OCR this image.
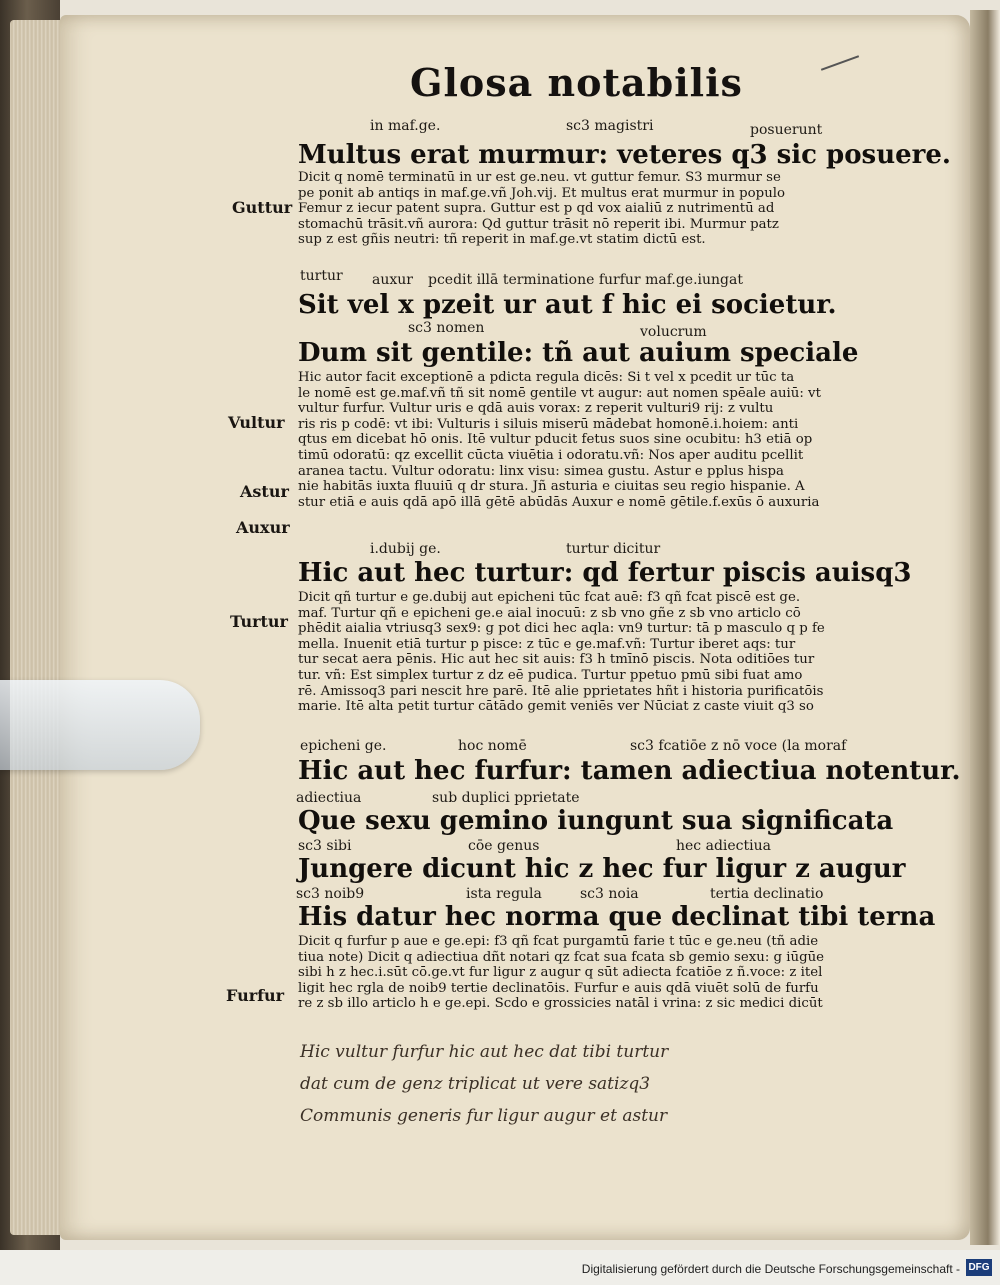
Glosa notabilis
in maf.ge.	sc3 magistri	posuerunt
Multus erat murmur: veteres q3 sic posuere.
Dicit q nomē terminatū in ur est ge.neu. vt guttur femur. S3 murmur se
pe ponit ab antiqs in maf.ge.vñ Joh.vij. Et multus erat murmur in populo
Femur z iecur patent supra. Guttur est p qd vox aialiū z nutrimentū ad
stomachū trāsit.vñ aurora: Qd guttur trāsit nō reperit ibi. Murmur patz
sup z est gñis neutri: tñ reperit in maf.ge.vt statim dictū est.
Guttur
turtur auxur pcedit illā terminatione furfur maf.ge.iungat
Sit vel x pzeit ur aut f hic ei societur.
sc3 nomen	volucrum
Dum sit gentile: tñ aut auium speciale
Hic autor facit exceptionē a pdicta regula dicēs: Si t vel x pcedit ur tūc ta
le nomē est ge.maf.vñ tñ sit nomē gentile vt augur: aut nomen spēale auiū: vt
vultur furfur. Vultur uris e qdā auis vorax: z reperit vulturi9 rij: z vultu
ris ris p codē: vt ibi: Vulturis i siluis miserū mādebat homonē.i.hoiem: anti
qtus em dicebat hō onis. Itē vultur pducit fetus suos sine ocubitu: h3 etiā op
timū odoratū: qz excellit cūcta viuētia i odoratu.vñ: Nos aper auditu pcellit
aranea tactu. Vultur odoratu: linx visu: simea gustu. Astur e pplus hispa
nie habitās iuxta fluuiū q dr stura. Jñ asturia e ciuitas seu regio hispanie. A
stur etiā e auis qdā apō illā gētē abūdās Auxur e nomē gētile.f.exūs ō auxuria
Vultur
Astur
Auxur
i.dubij ge.	turtur dicitur
Hic aut hec turtur: qd fertur piscis auisq3
Dicit qñ turtur e ge.dubij aut epicheni tūc fcat auē: f3 qñ fcat piscē est ge.
maf. Turtur qñ e epicheni ge.e aial inocuū: z sb vno gñe z sb vno articlo cō
phēdit aialia vtriusq3 sex9: g pot dici hec aqla: vn9 turtur: tā p masculo q p fe
mella. Inuenit etiā turtur p pisce: z tūc e ge.maf.vñ: Turtur iberet aqs: tur
tur secat aera pēnis. Hic aut hec sit auis: f3 h tmīnō piscis. Nota oditiōes tur
tur. vñ: Est simplex turtur z dz eē pudica. Turtur ppetuo pmū sibi fuat amo
rē. Amissoq3 pari nescit hre parē. Itē alie pprietates hñt i historia purificatōis
marie. Itē alta petit turtur cātādo gemit veniēs ver Nūciat z caste viuit q3 so
Turtur
epicheni ge.	hoc nomē	sc3 fcatiōe z nō voce (la moraf
Hic aut hec furfur: tamen adiectiua notentur.
adiectiua	sub duplici pprietate
Que sexu gemino iungunt sua significata
sc3 sibi	cōe genus	hec adiectiua
Jungere dicunt hic z hec fur ligur z augur
sc3 noib9	ista regula	sc3 noia	tertia declinatio
His datur hec norma que declinat tibi terna
Dicit q furfur p aue e ge.epi: f3 qñ fcat purgamtū farie t tūc e ge.neu (tñ adie
tiua note) Dicit q adiectiua dñt notari qz fcat sua fcata sb gemio sexu: g iūgūe
sibi h z hec.i.sūt cō.ge.vt fur ligur z augur q sūt adiecta fcatiōe z ñ.voce: z itel
ligit hec rgla de noib9 tertie declinatōis. Furfur e auis qdā viuēt solū de furfu
re z sb illo articlo h e ge.epi. Scdo e grossicies natāl i vrina: z sic medici dicūt
Furfur
Hic vultur furfur hic aut hec dat tibi turtur
dat cum de genz triplicat ut vere satizq3
Communis generis fur ligur augur et astur
Digitalisierung gefördert durch die Deutsche Forschungsgemeinschaft - DFG
